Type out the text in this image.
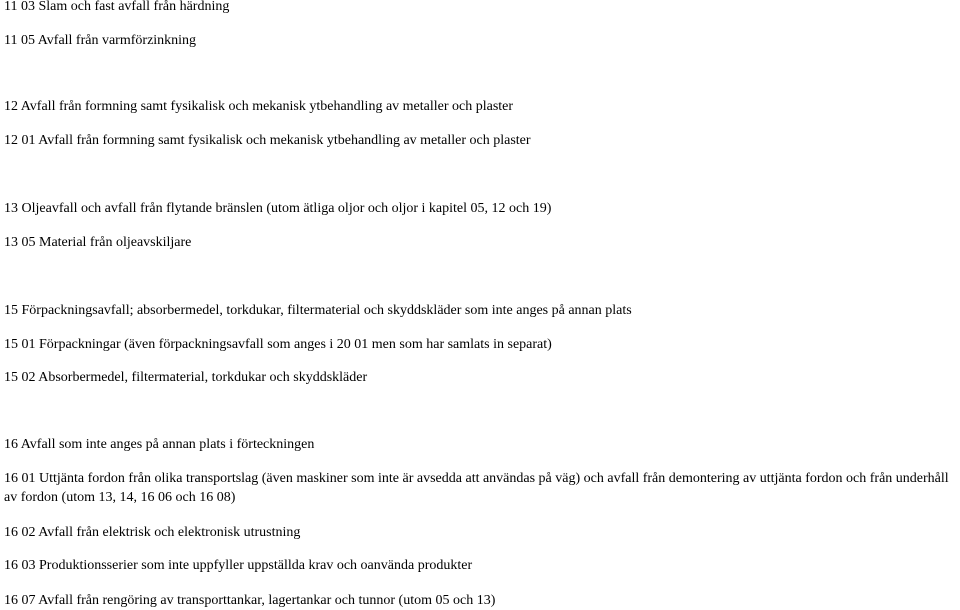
11 03 Slam och fast avfall från härdning
11 05 Avfall från varmförzinkning
12 Avfall från formning samt fysikalisk och mekanisk ytbehandling av metaller och plaster
12 01 Avfall från formning samt fysikalisk och mekanisk ytbehandling av metaller och plaster
13 Oljeavfall och avfall från flytande bränslen (utom ätliga oljor och oljor i kapitel 05, 12 och 19)
13 05 Material från oljeavskiljare
15 Förpackningsavfall; absorbermedel, torkdukar, filtermaterial och skyddskläder som inte anges på annan plats
15 01 Förpackningar (även förpackningsavfall som anges i 20 01 men som har samlats in separat)
15 02 Absorbermedel, filtermaterial, torkdukar och skyddskläder
16 Avfall som inte anges på annan plats i förteckningen
16 01 Uttjänta fordon från olika transportslag (även maskiner som inte är avsedda att användas på väg) och avfall från demontering av uttjänta fordon och från underhåll av fordon (utom 13, 14, 16 06 och 16 08)
16 02 Avfall från elektrisk och elektronisk utrustning
16 03 Produktionsserier som inte uppfyller uppställda krav och oanvända produkter
16 07 Avfall från rengöring av transporttankar, lagertankar och tunnor (utom 05 och 13)
